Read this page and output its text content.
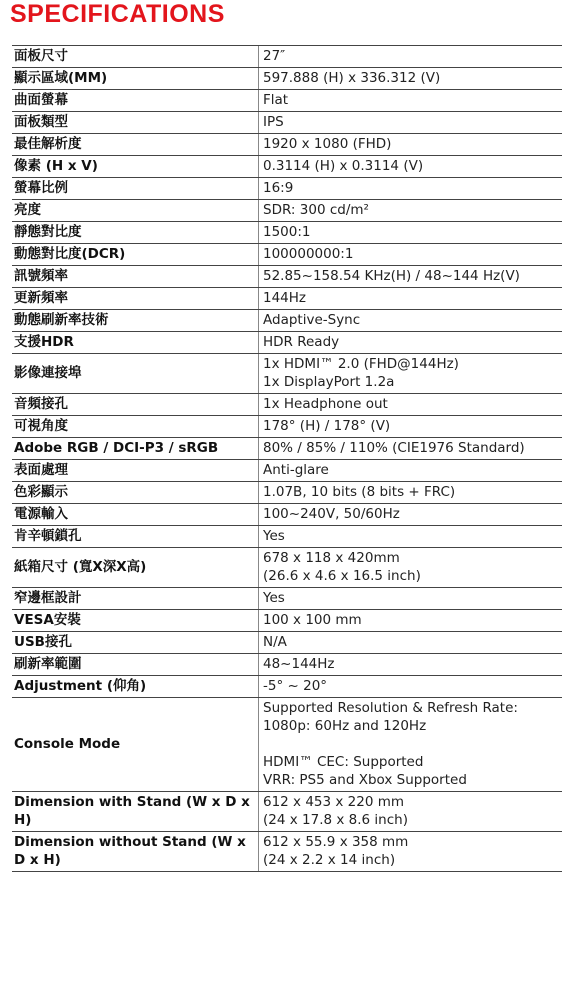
SPECIFICATIONS
面板尺寸	27″

顯示區域(MM)	597.888 (H) x 336.312 (V)

曲面螢幕	Flat

面板類型	IPS

最佳解析度	1920 x 1080 (FHD)

像素 (H x V)	0.3114 (H) x 0.3114 (V)

螢幕比例	16:9

亮度	SDR: 300 cd/m²

靜態對比度	1500:1

動態對比度(DCR)	100000000:1

訊號頻率	52.85~158.54 KHz(H) / 48~144 Hz(V)

更新頻率	144Hz

動態刷新率技術	Adaptive-Sync

支援HDR	HDR Ready

影像連接埠	1x HDMI™ 2.0 (FHD@144Hz)
1x DisplayPort 1.2a

音頻接孔	1x Headphone out

可視角度	178° (H) / 178° (V)

Adobe RGB / DCI-P3 / sRGB	80% / 85% / 110% (CIE1976 Standard)

表面處理	Anti-glare

色彩顯示	1.07B, 10 bits (8 bits + FRC)

電源輸入	100~240V, 50/60Hz

肯辛頓鎖孔	Yes

紙箱尺寸 (寬X深X高)	678 x 118 x 420mm
(26.6 x 4.6 x 16.5 inch)

窄邊框設計	Yes

VESA安裝	100 x 100 mm

USB接孔	N/A

刷新率範圍	48~144Hz

Adjustment (仰角)	-5° ~ 20°

Console Mode	Supported Resolution & Refresh Rate:
1080p: 60Hz and 120Hz
HDMI™ CEC: Supported
VRR: PS5 and Xbox Supported

Dimension with Stand (W x D x H)	612 x 453 x 220 mm
(24 x 17.8 x 8.6 inch)

Dimension without Stand (W x D x H)	612 x 55.9 x 358 mm
(24 x 2.2 x 14 inch)
